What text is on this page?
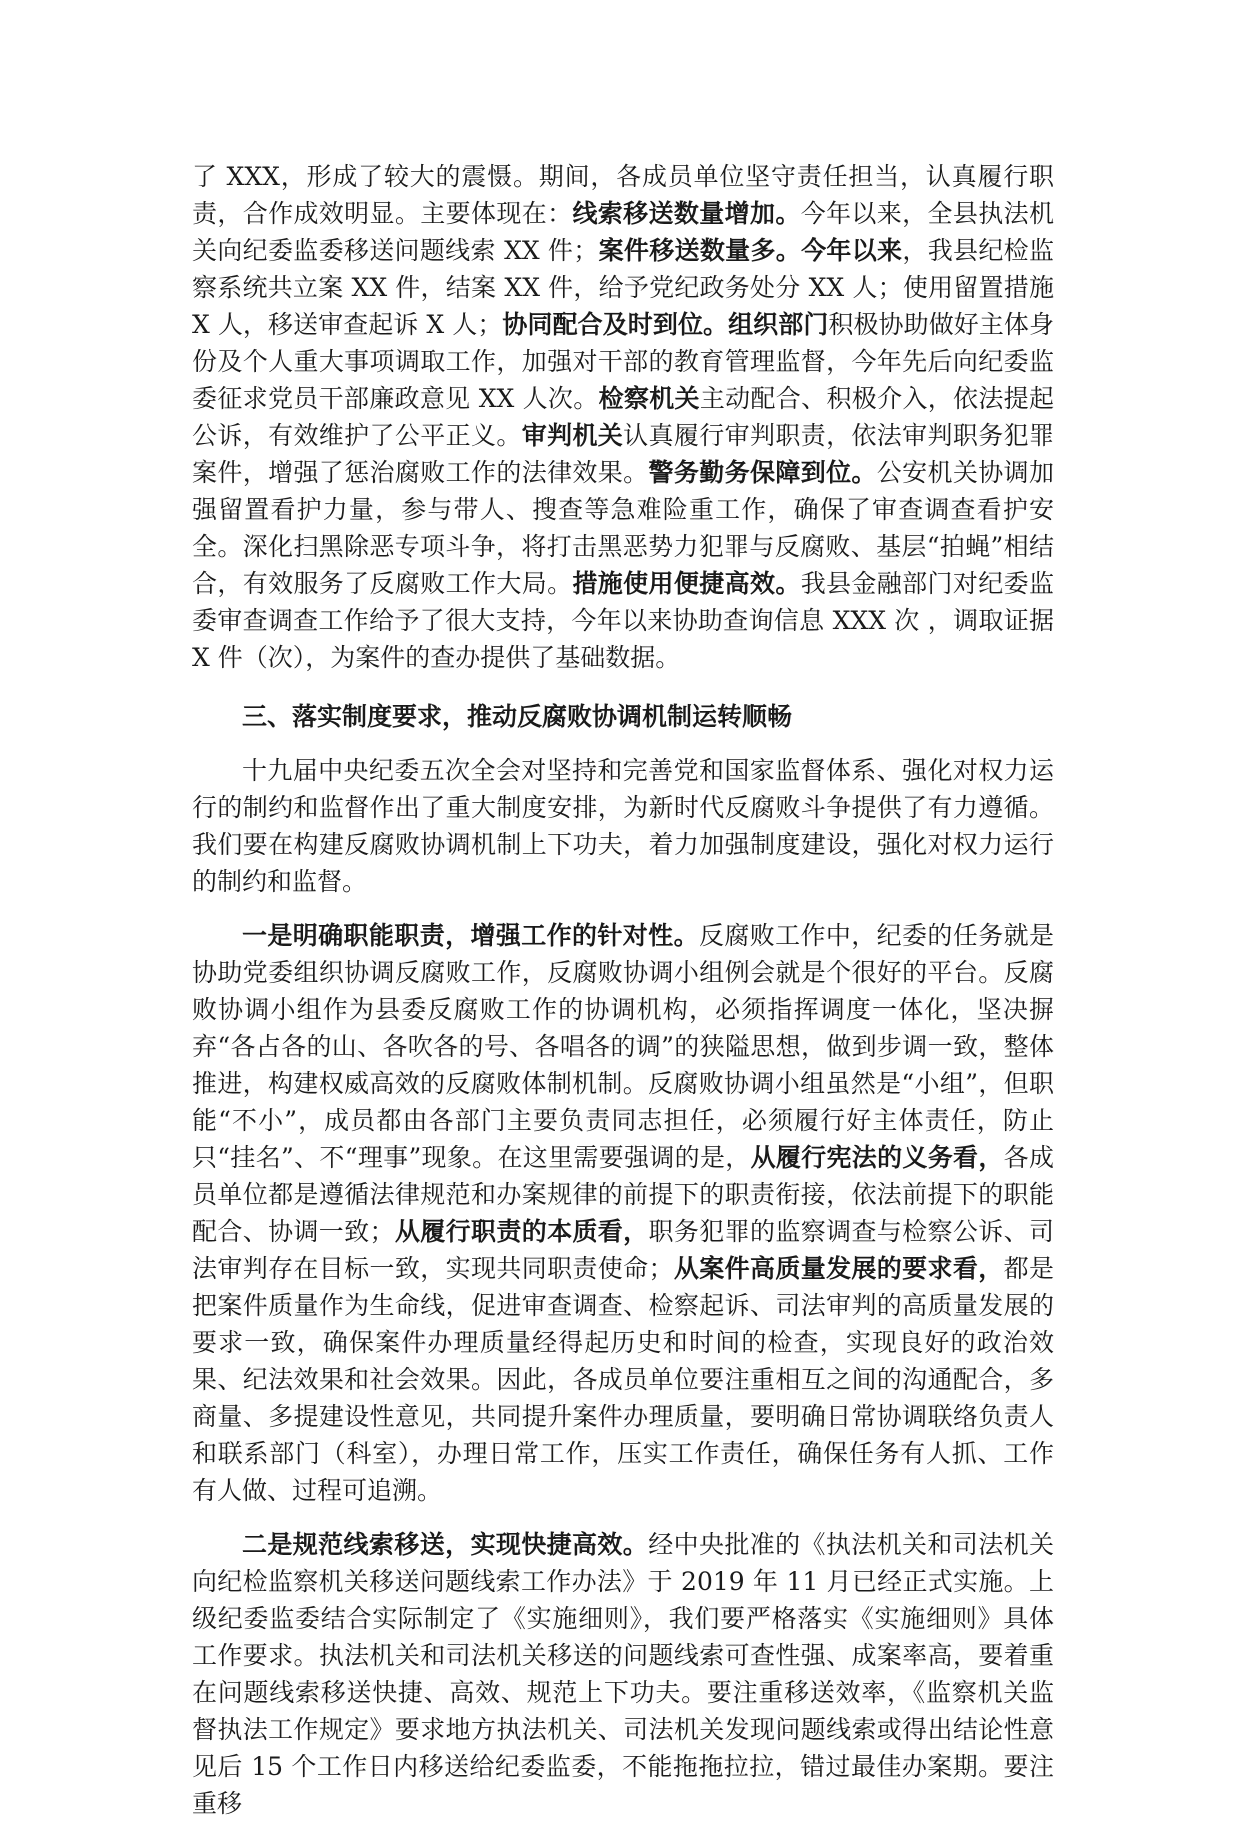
了 XXX，形成了较大的震慑。期间，各成员单位坚守责任担当，认真履行职责，合作成效明显。主要体现在：线索移送数量增加。今年以来，全县执法机关向纪委监委移送问题线索 XX 件；案件移送数量多。今年以来，我县纪检监察系统共立案 XX 件，结案 XX 件，给予党纪政务处分 XX 人；使用留置措施 X 人，移送审查起诉 X 人；协同配合及时到位。组织部门积极协助做好主体身份及个人重大事项调取工作，加强对干部的教育管理监督，今年先后向纪委监委征求党员干部廉政意见 XX 人次。检察机关主动配合、积极介入，依法提起公诉，有效维护了公平正义。审判机关认真履行审判职责，依法审判职务犯罪案件，增强了惩治腐败工作的法律效果。警务勤务保障到位。公安机关协调加强留置看护力量，参与带人、搜查等急难险重工作，确保了审查调查看护安全。深化扫黑除恶专项斗争，将打击黑恶势力犯罪与反腐败、基层“拍蝇”相结合，有效服务了反腐败工作大局。措施使用便捷高效。我县金融部门对纪委监委审查调查工作给予了很大支持，今年以来协助查询信息 XXX 次 ，调取证据 X 件（次），为案件的查办提供了基础数据。

三、落实制度要求，推动反腐败协调机制运转顺畅

十九届中央纪委五次全会对坚持和完善党和国家监督体系、强化对权力运行的制约和监督作出了重大制度安排，为新时代反腐败斗争提供了有力遵循。我们要在构建反腐败协调机制上下功夫，着力加强制度建设，强化对权力运行的制约和监督。

一是明确职能职责，增强工作的针对性。反腐败工作中，纪委的任务就是协助党委组织协调反腐败工作，反腐败协调小组例会就是个很好的平台。反腐败协调小组作为县委反腐败工作的协调机构，必须指挥调度一体化，坚决摒弃“各占各的山、各吹各的号、各唱各的调”的狭隘思想，做到步调一致，整体推进，构建权威高效的反腐败体制机制。反腐败协调小组虽然是“小组”，但职能“不小”，成员都由各部门主要负责同志担任，必须履行好主体责任，防止只“挂名”、不“理事”现象。在这里需要强调的是，从履行宪法的义务看，各成员单位都是遵循法律规范和办案规律的前提下的职责衔接，依法前提下的职能配合、协调一致；从履行职责的本质看，职务犯罪的监察调查与检察公诉、司法审判存在目标一致，实现共同职责使命；从案件高质量发展的要求看，都是把案件质量作为生命线，促进审查调查、检察起诉、司法审判的高质量发展的要求一致，确保案件办理质量经得起历史和时间的检查，实现良好的政治效果、纪法效果和社会效果。因此，各成员单位要注重相互之间的沟通配合，多商量、多提建设性意见，共同提升案件办理质量，要明确日常协调联络负责人和联系部门（科室），办理日常工作，压实工作责任，确保任务有人抓、工作有人做、过程可追溯。

二是规范线索移送，实现快捷高效。经中央批准的《执法机关和司法机关向纪检监察机关移送问题线索工作办法》于 2019 年 11 月已经正式实施。上级纪委监委结合实际制定了《实施细则》，我们要严格落实《实施细则》具体工作要求。执法机关和司法机关移送的问题线索可查性强、成案率高，要着重在问题线索移送快捷、高效、规范上下功夫。要注重移送效率，《监察机关监督执法工作规定》要求地方执法机关、司法机关发现问题线索或得出结论性意见后 15 个工作日内移送给纪委监委，不能拖拖拉拉，错过最佳办案期。要注重移
